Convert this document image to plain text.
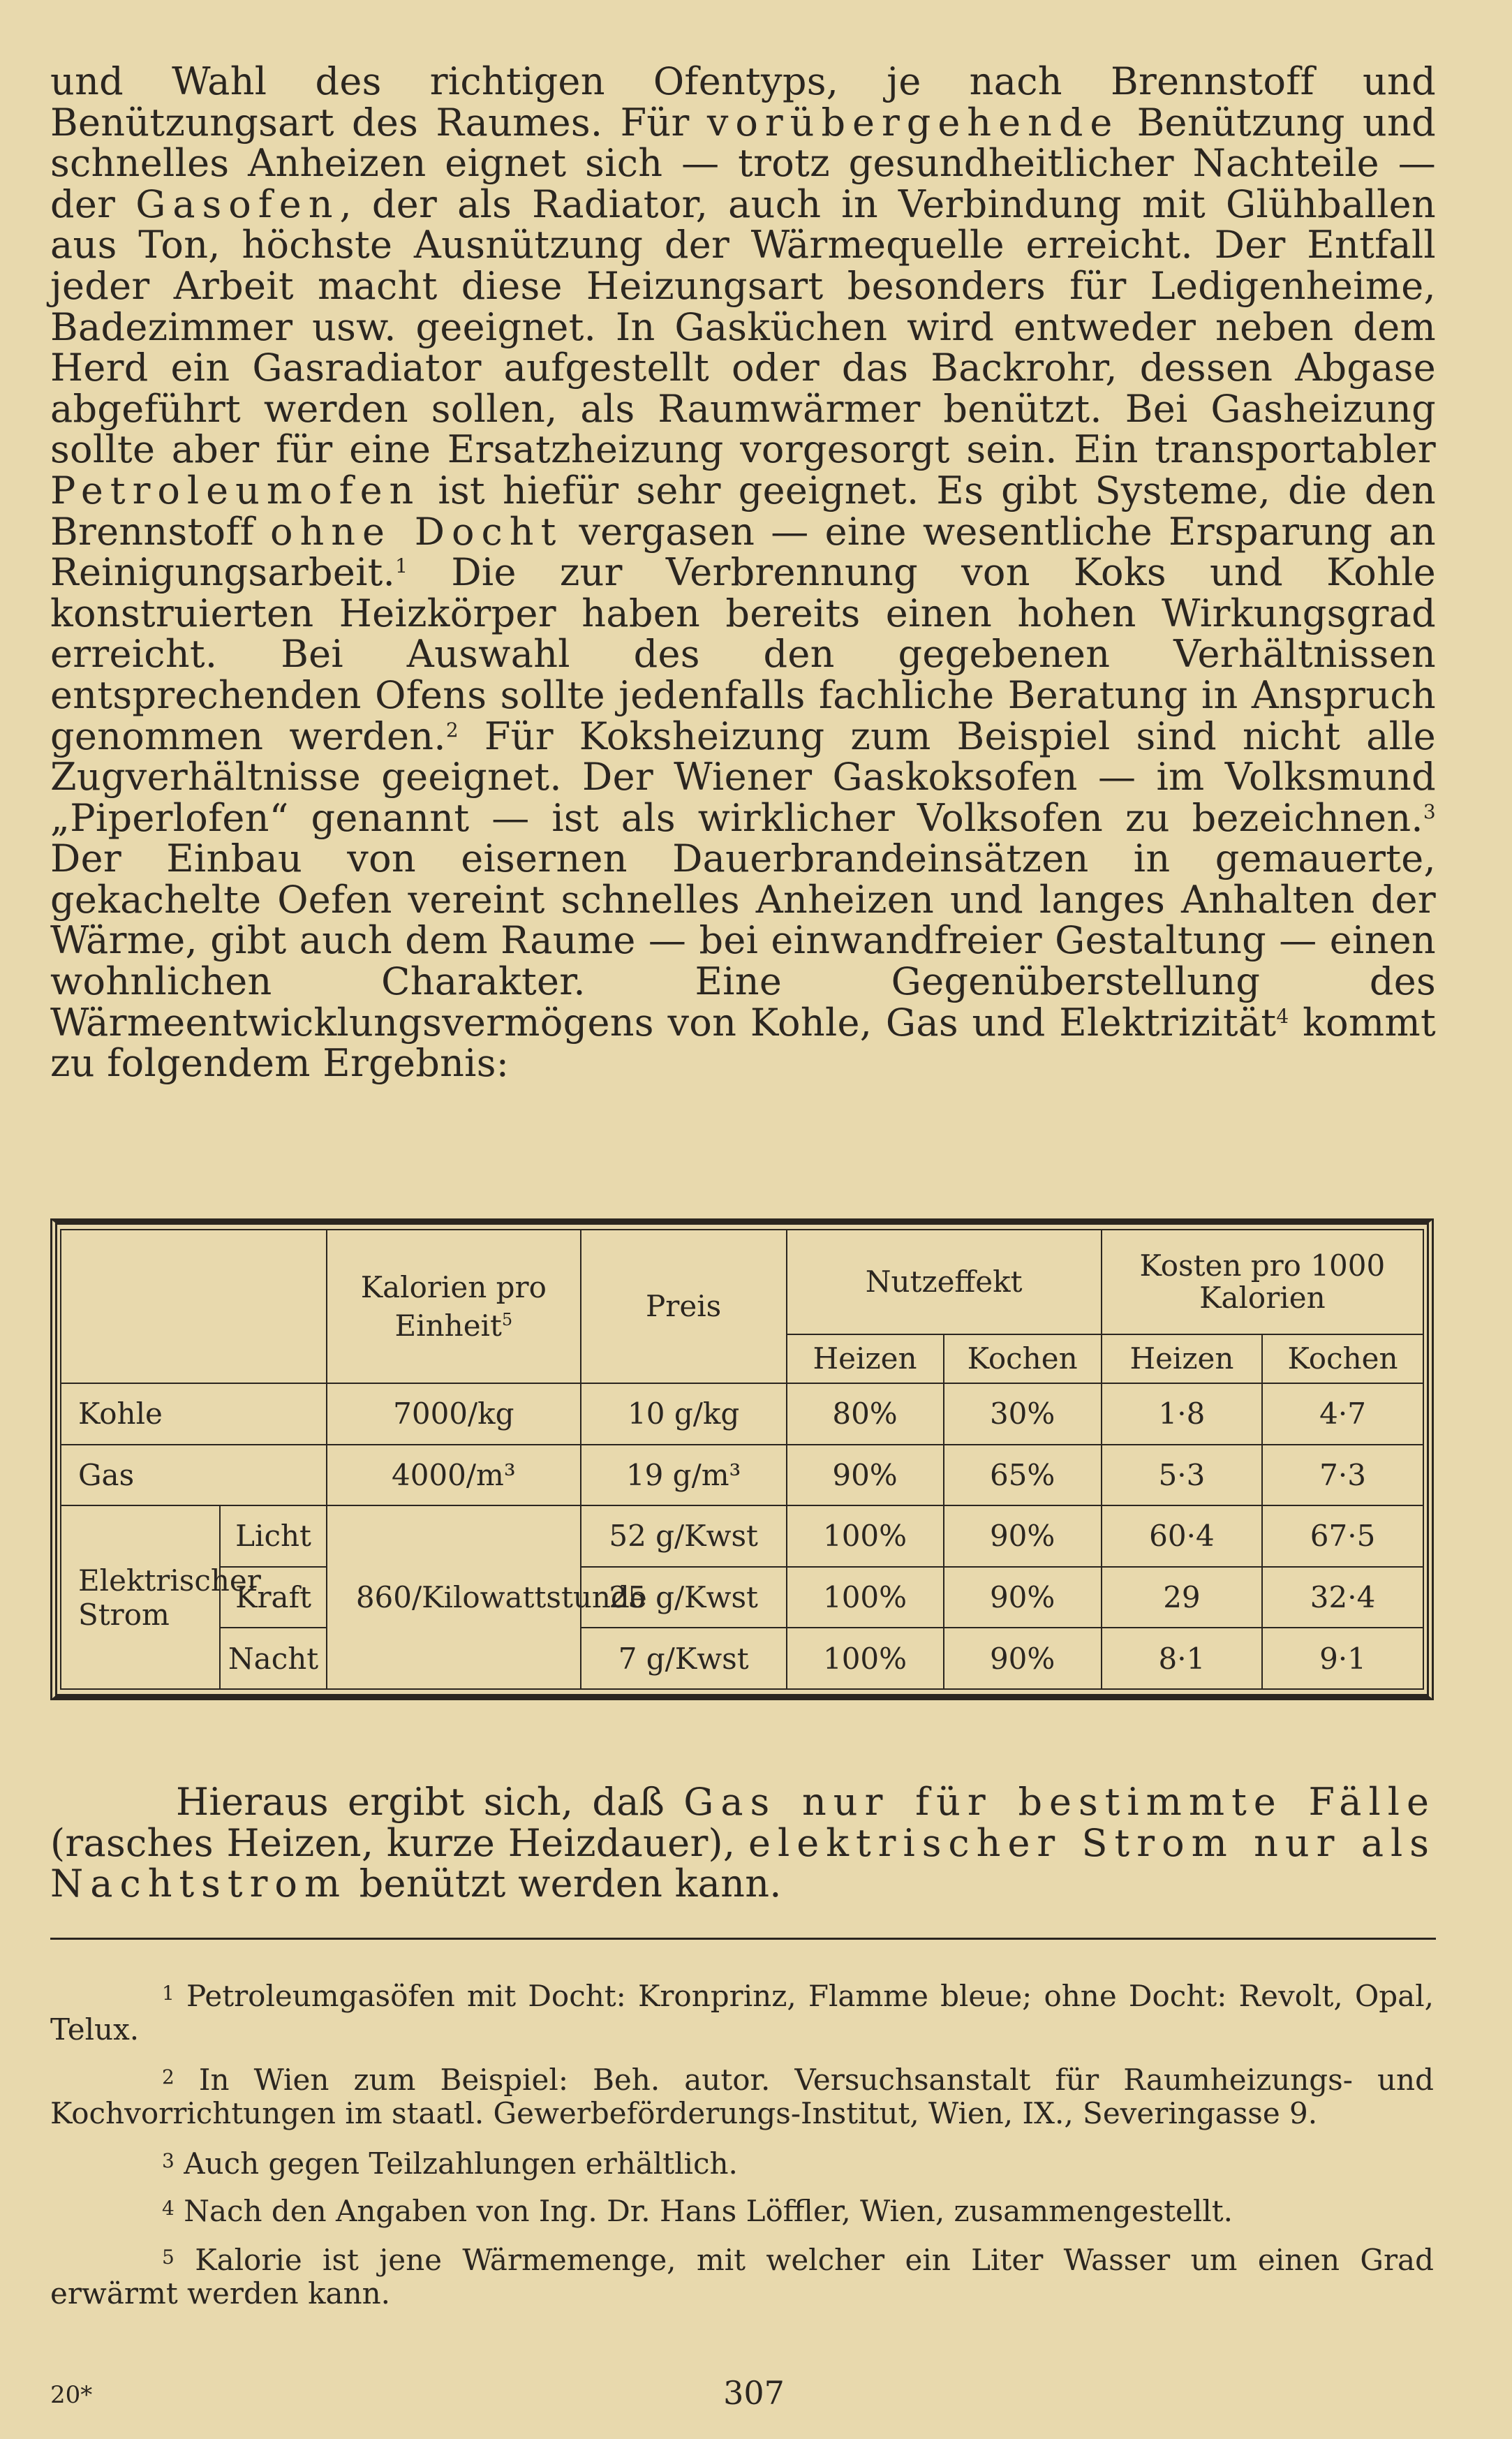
und Wahl des richtigen Ofentyps, je nach Brennstoff und Benützungsart des Raumes. Für vorübergehende Benützung und schnelles Anheizen eignet sich — trotz gesundheitlicher Nachteile — der Gasofen, der als Radiator, auch in Verbindung mit Glühballen aus Ton, höchste Ausnützung der Wärmequelle erreicht. Der Entfall jeder Arbeit macht diese Heizungsart besonders für Ledigenheime, Badezimmer usw. geeignet. In Gasküchen wird entweder neben dem Herd ein Gasradiator aufgestellt oder das Backrohr, dessen Abgase abgeführt werden sollen, als Raumwärmer benützt. Bei Gasheizung sollte aber für eine Ersatzheizung vorgesorgt sein. Ein transportabler Petroleumofen ist hiefür sehr geeignet. Es gibt Systeme, die den Brennstoff ohne Docht vergasen — eine wesentliche Ersparung an Reinigungsarbeit.$^1$ Die zur Verbrennung von Koks und Kohle konstruierten Heizkörper haben bereits einen hohen Wirkungsgrad erreicht. Bei Auswahl des den gegebenen Verhältnissen entsprechenden Ofens sollte jedenfalls fachliche Beratung in Anspruch genommen werden.$^2$ Für Koksheizung zum Beispiel sind nicht alle Zugverhältnisse geeignet. Der Wiener Gaskoksofen — im Volksmund „Piperlofen“ genannt — ist als wirklicher Volksofen zu bezeichnen.$^3$ Der Einbau von eisernen Dauerbrandeinsätzen in gemauerte, gekachelte Oefen vereint schnelles Anheizen und langes Anhalten der Wärme, gibt auch dem Raume — bei einwandfreier Gestaltung — einen wohnlichen Charakter. Eine Gegenüberstellung des Wärmeentwicklungsvermögens von Kohle, Gas und Elektrizität$^4$ kommt zu folgendem Ergebnis:

		Kalorien pro Einheit$^5$	Preis	Nutzeffekt		Kosten pro 1000 Kalorien	

				Heizen	Kochen	Heizen	Kochen
Kohle		7000/kg	10 g/kg	80%	30%	1·8	4·7
Gas		4000/m³	19 g/m³	90%	65%	5·3	7·3

Elektrischer Strom	Licht	860/Kilowattstunde	52 g/Kwst	100%	90%	60·4	67·5
	Kraft		25 g/Kwst	100%	90%	29	32·4
	Nacht		7 g/Kwst	100%	90%	8·1	9·1

Hieraus ergibt sich, daß Gas nur für bestimmte Fälle (rasches Heizen, kurze Heizdauer), elektrischer Strom nur als Nachtstrom benützt werden kann.

$^1$ Petroleumgasöfen mit Docht: Kronprinz, Flamme bleue; ohne Docht: Revolt, Opal, Telux.

$^2$ In Wien zum Beispiel: Beh. autor. Versuchsanstalt für Raumheizungs- und Kochvorrichtungen im staatl. Gewerbeförderungs-Institut, Wien, IX., Severingasse 9.

$^3$ Auch gegen Teilzahlungen erhältlich.

$^4$ Nach den Angaben von Ing. Dr. Hans Löffler, Wien, zusammengestellt.

$^5$ Kalorie ist jene Wärmemenge, mit welcher ein Liter Wasser um einen Grad erwärmt werden kann.

20*	307
